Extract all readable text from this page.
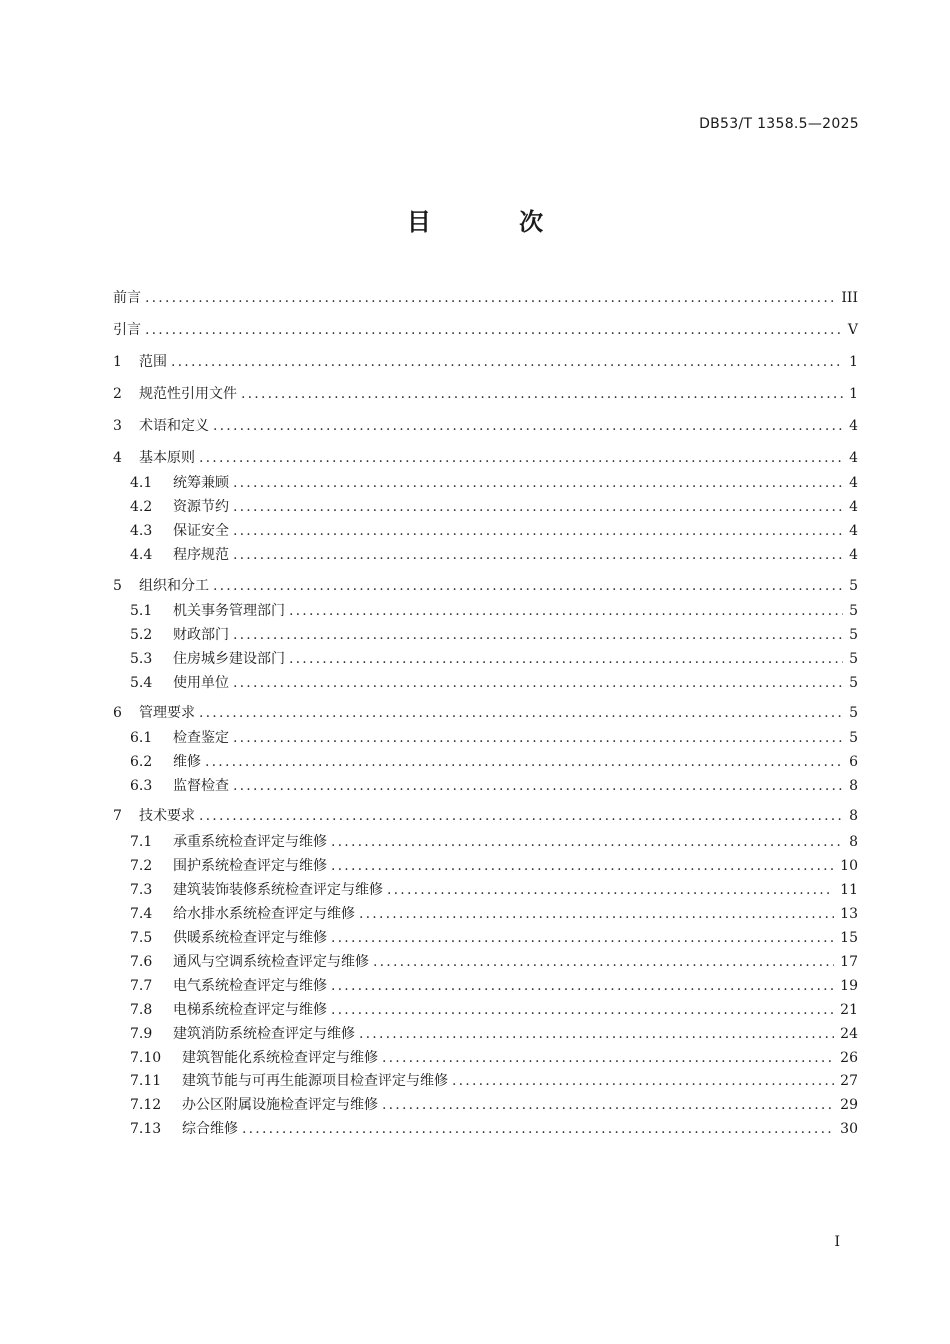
DB53/T 1358.5—2025
目 次
前言 .....	III
引言 .....	V
1	范围 .....	1
2	规范性引用文件 .....	1
3	术语和定义 .....	4
4	基本原则 .....	4
4.1	统筹兼顾 .....	4
4.2	资源节约 .....	4
4.3	保证安全 .....	4
4.4	程序规范 .....	4
5	组织和分工 .....	5
5.1	机关事务管理部门 .....	5
5.2	财政部门 .....	5
5.3	住房城乡建设部门 .....	5
5.4	使用单位 .....	5
6	管理要求 .....	5
6.1	检查鉴定 .....	5
6.2	维修 .....	6
6.3	监督检查 .....	8
7	技术要求 .....	8
7.1	承重系统检查评定与维修 .....	8
7.2	围护系统检查评定与维修 .....	10
7.3	建筑装饰装修系统检查评定与维修 .....	11
7.4	给水排水系统检查评定与维修 .....	13
7.5	供暖系统检查评定与维修 .....	15
7.6	通风与空调系统检查评定与维修 .....	17
7.7	电气系统检查评定与维修 .....	19
7.8	电梯系统检查评定与维修 .....	21
7.9	建筑消防系统检查评定与维修 .....	24
7.10	建筑智能化系统检查评定与维修 .....	26
7.11	建筑节能与可再生能源项目检查评定与维修 .....	27
7.12	办公区附属设施检查评定与维修 .....	29
7.13	综合维修 .....	30
I
